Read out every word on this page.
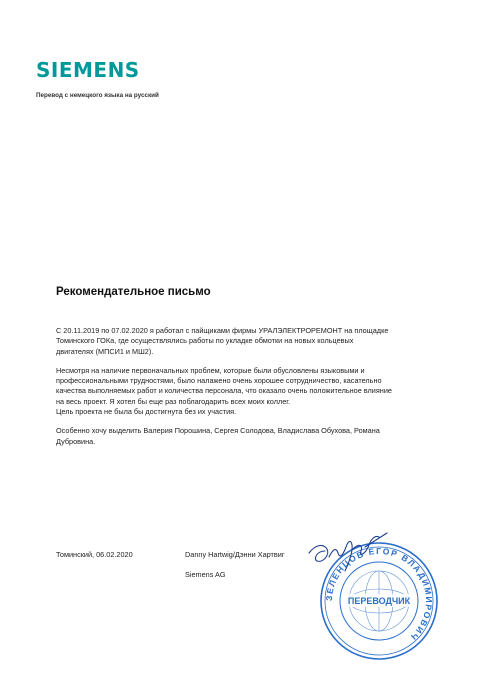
SIEMENS
Перевод с немецкого языка на русский
Рекомендательное письмо
С 20.11.2019 по 07.02.2020 я работал с пайщиками фирмы УРАЛЭЛЕКТРОРЕМОНТ на площадке
Томинского ГОКа, где осуществлялись работы по укладке обмотки на новых кольцевых
двигателях (МПСИ1 и МШ2).
Несмотря на наличие первоначальных проблем, которые были обусловлены языковыми и
профессиональными трудностями, было налажено очень хорошее сотрудничество, касательно
качества выполняемых работ и количества персонала, что оказало очень положительное влияние
на весь проект. Я хотел бы еще раз поблагодарить всех моих коллег.
Цель проекта не была бы достигнута без их участия.
Особенно хочу выделить Валерия Порошина, Сергея Солодова, Владислава Обухова, Романа
Дубровина.
Томинский, 06.02.2020	Danny Hartwig/Дэнни Хартвиг
Siemens AG
ЗЕЛЕНЦОВ ЕГОР ВЛАДИМИРОВИЧ
ПЕРЕВОДЧИК
